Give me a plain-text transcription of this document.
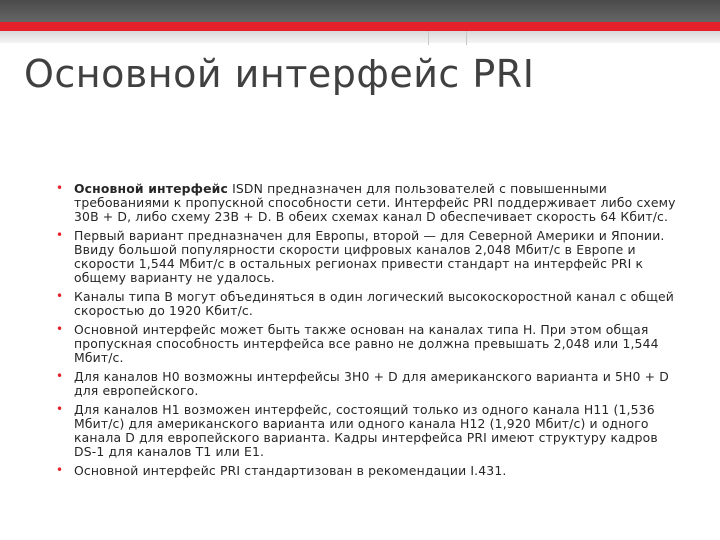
Основной интерфейс PRI
• Основной интерфейс ISDN предназначен для пользователей с повышенными требованиями к пропускной способности сети. Интерфейс PRI поддерживает либо схему 30B + D, либо схему 23B + D. В обеих схемах канал D обеспечивает скорость 64 Кбит/с.
• Первый вариант предназначен для Европы, второй — для Северной Америки и Японии. Ввиду большой популярности скорости цифровых каналов 2,048 Мбит/с в Европе и скорости 1,544 Мбит/с в остальных регионах привести стандарт на интерфейс PRI к общему варианту не удалось.
• Каналы типа B могут объединяться в один логический высокоскоростной канал с общей скоростью до 1920 Кбит/с.
• Основной интерфейс может быть также основан на каналах типа H. При этом общая пропускная способность интерфейса все равно не должна превышать 2,048 или 1,544 Мбит/с.
• Для каналов H0 возможны интерфейсы 3H0 + D для американского варианта и 5H0 + D для европейского.
• Для каналов H1 возможен интерфейс, состоящий только из одного канала H11 (1,536 Мбит/с) для американского варианта или одного канала H12 (1,920 Мбит/с) и одного канала D для европейского варианта. Кадры интерфейса PRI имеют структуру кадров DS-1 для каналов T1 или E1.
• Основной интерфейс PRI стандартизован в рекомендации I.431.
